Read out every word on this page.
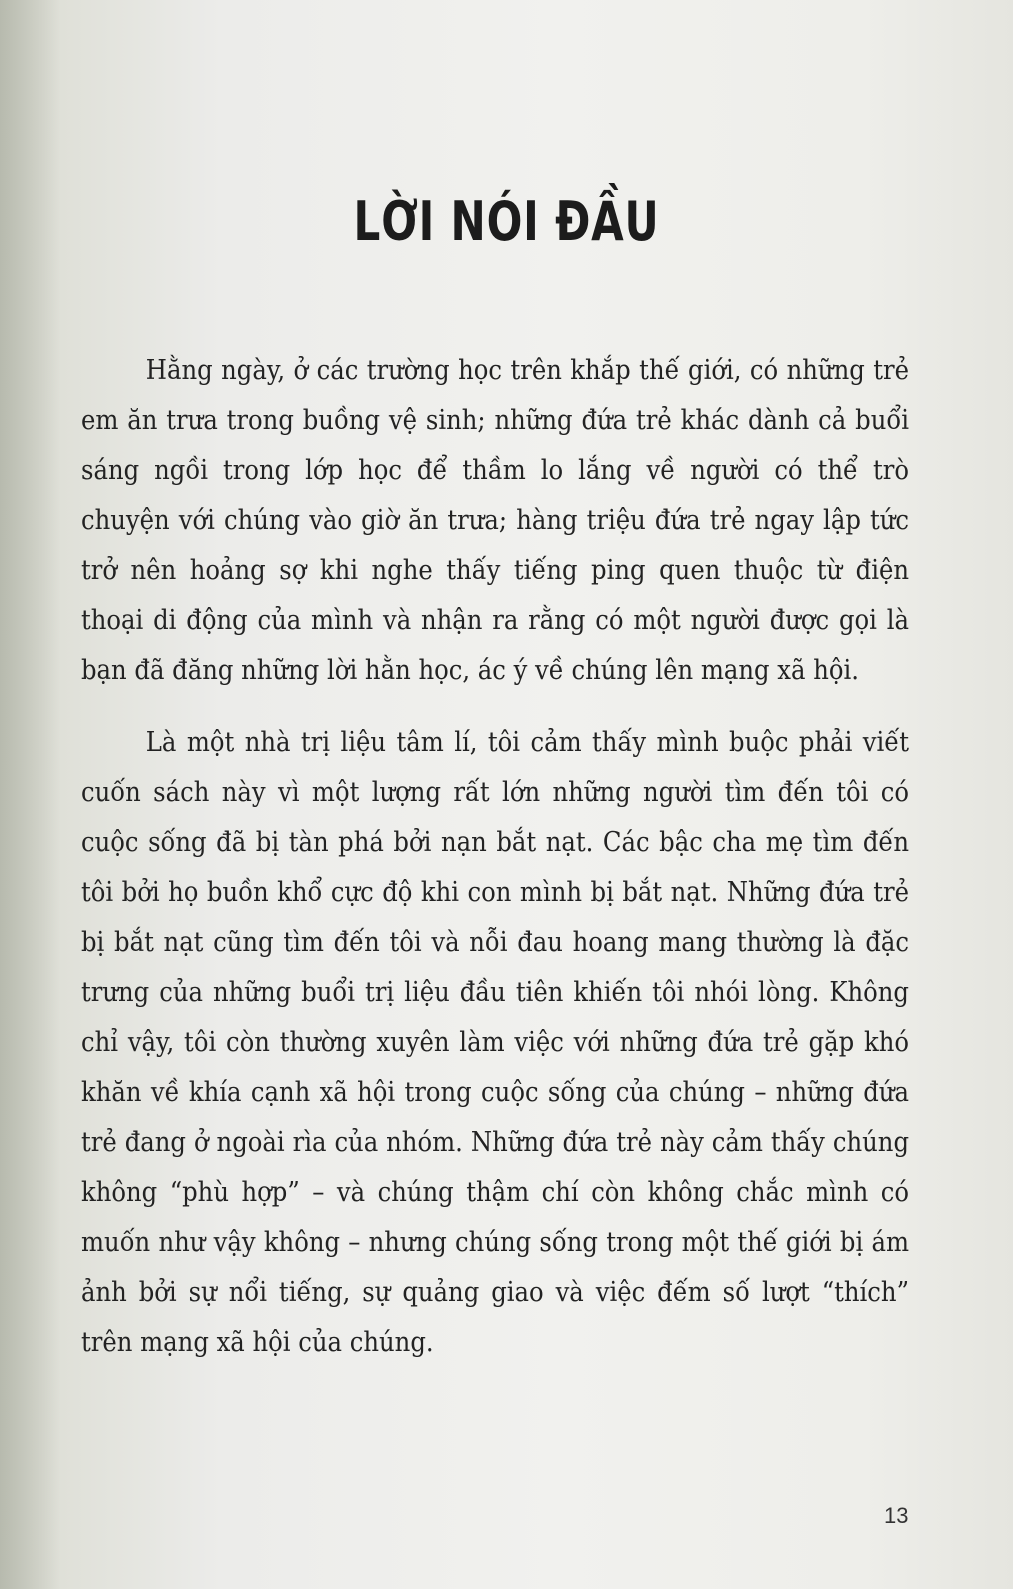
LỜI NÓI ĐẦU

Hằng ngày, ở các trường học trên khắp thế giới, có những trẻ em ăn trưa trong buồng vệ sinh; những đứa trẻ khác dành cả buổi sáng ngồi trong lớp học để thầm lo lắng về người có thể trò chuyện với chúng vào giờ ăn trưa; hàng triệu đứa trẻ ngay lập tức trở nên hoảng sợ khi nghe thấy tiếng ping quen thuộc từ điện thoại di động của mình và nhận ra rằng có một người được gọi là bạn đã đăng những lời hằn học, ác ý về chúng lên mạng xã hội.

Là một nhà trị liệu tâm lí, tôi cảm thấy mình buộc phải viết cuốn sách này vì một lượng rất lớn những người tìm đến tôi có cuộc sống đã bị tàn phá bởi nạn bắt nạt. Các bậc cha mẹ tìm đến tôi bởi họ buồn khổ cực độ khi con mình bị bắt nạt. Những đứa trẻ bị bắt nạt cũng tìm đến tôi và nỗi đau hoang mang thường là đặc trưng của những buổi trị liệu đầu tiên khiến tôi nhói lòng. Không chỉ vậy, tôi còn thường xuyên làm việc với những đứa trẻ gặp khó khăn về khía cạnh xã hội trong cuộc sống của chúng – những đứa trẻ đang ở ngoài rìa của nhóm. Những đứa trẻ này cảm thấy chúng không “phù hợp” – và chúng thậm chí còn không chắc mình có muốn như vậy không – nhưng chúng sống trong một thế giới bị ám ảnh bởi sự nổi tiếng, sự quảng giao và việc đếm số lượt “thích” trên mạng xã hội của chúng.

13
